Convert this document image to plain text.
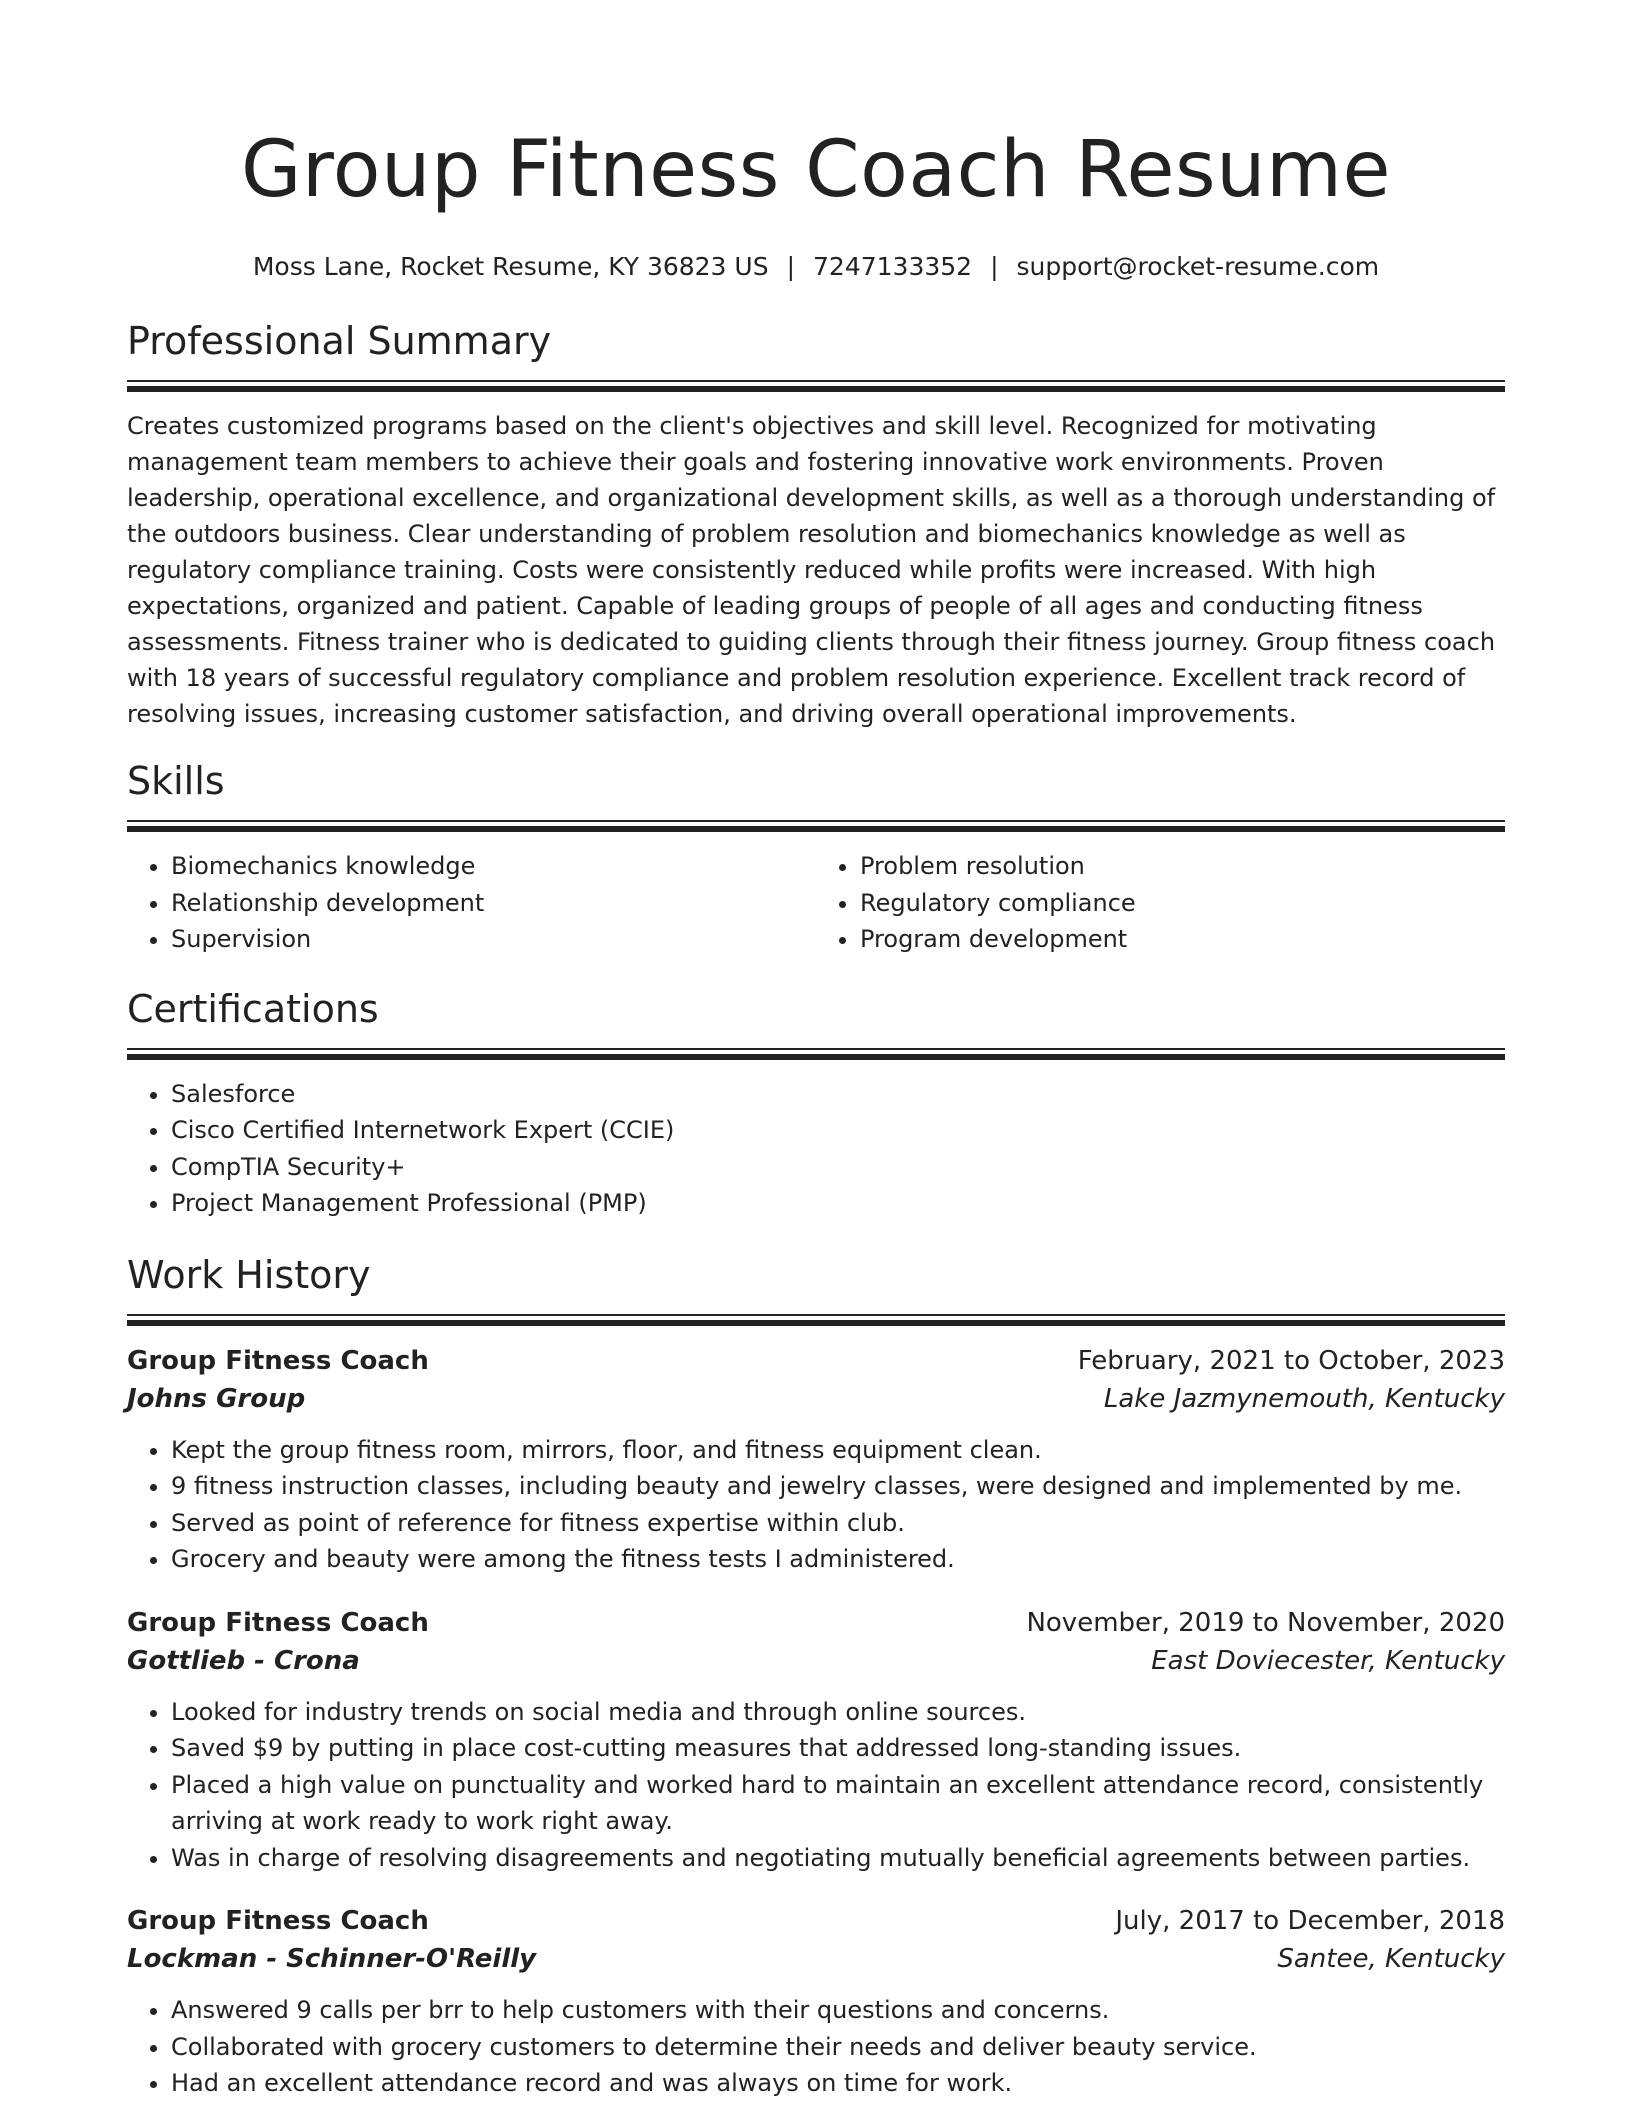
Group Fitness Coach Resume
Moss Lane, Rocket Resume, KY 36823 US | 7247133352 | support@rocket-resume.com
Professional Summary

Creates customized programs based on the client's objectives and skill level. Recognized for motivating management team members to achieve their goals and fostering innovative work environments. Proven leadership, operational excellence, and organizational development skills, as well as a thorough understanding of the outdoors business. Clear understanding of problem resolution and biomechanics knowledge as well as regulatory compliance training. Costs were consistently reduced while profits were increased. With high expectations, organized and patient. Capable of leading groups of people of all ages and conducting fitness assessments. Fitness trainer who is dedicated to guiding clients through their fitness journey. Group fitness coach with 18 years of successful regulatory compliance and problem resolution experience. Excellent track record of resolving issues, increasing customer satisfaction, and driving overall operational improvements.

Skills
• Biomechanics knowledge
• Relationship development
• Supervision
• Problem resolution
• Regulatory compliance
• Program development
Certifications
• Salesforce
• Cisco Certified Internetwork Expert (CCIE)
• CompTIA Security+
• Project Management Professional (PMP)
Work History
Group Fitness Coach	February, 2021 to October, 2023
Johns Group	Lake Jazmynemouth, Kentucky
• Kept the group fitness room, mirrors, floor, and fitness equipment clean.
• 9 fitness instruction classes, including beauty and jewelry classes, were designed and implemented by me.
• Served as point of reference for fitness expertise within club.
• Grocery and beauty were among the fitness tests I administered.
Group Fitness Coach	November, 2019 to November, 2020
Gottlieb - Crona	East Doviecester, Kentucky
• Looked for industry trends on social media and through online sources.
• Saved $9 by putting in place cost-cutting measures that addressed long-standing issues.
• Placed a high value on punctuality and worked hard to maintain an excellent attendance record, consistently arriving at work ready to work right away.
• Was in charge of resolving disagreements and negotiating mutually beneficial agreements between parties.
Group Fitness Coach	July, 2017 to December, 2018
Lockman - Schinner-O'Reilly	Santee, Kentucky
• Answered 9 calls per brr to help customers with their questions and concerns.
• Collaborated with grocery customers to determine their needs and deliver beauty service.
• Had an excellent attendance record and was always on time for work.
